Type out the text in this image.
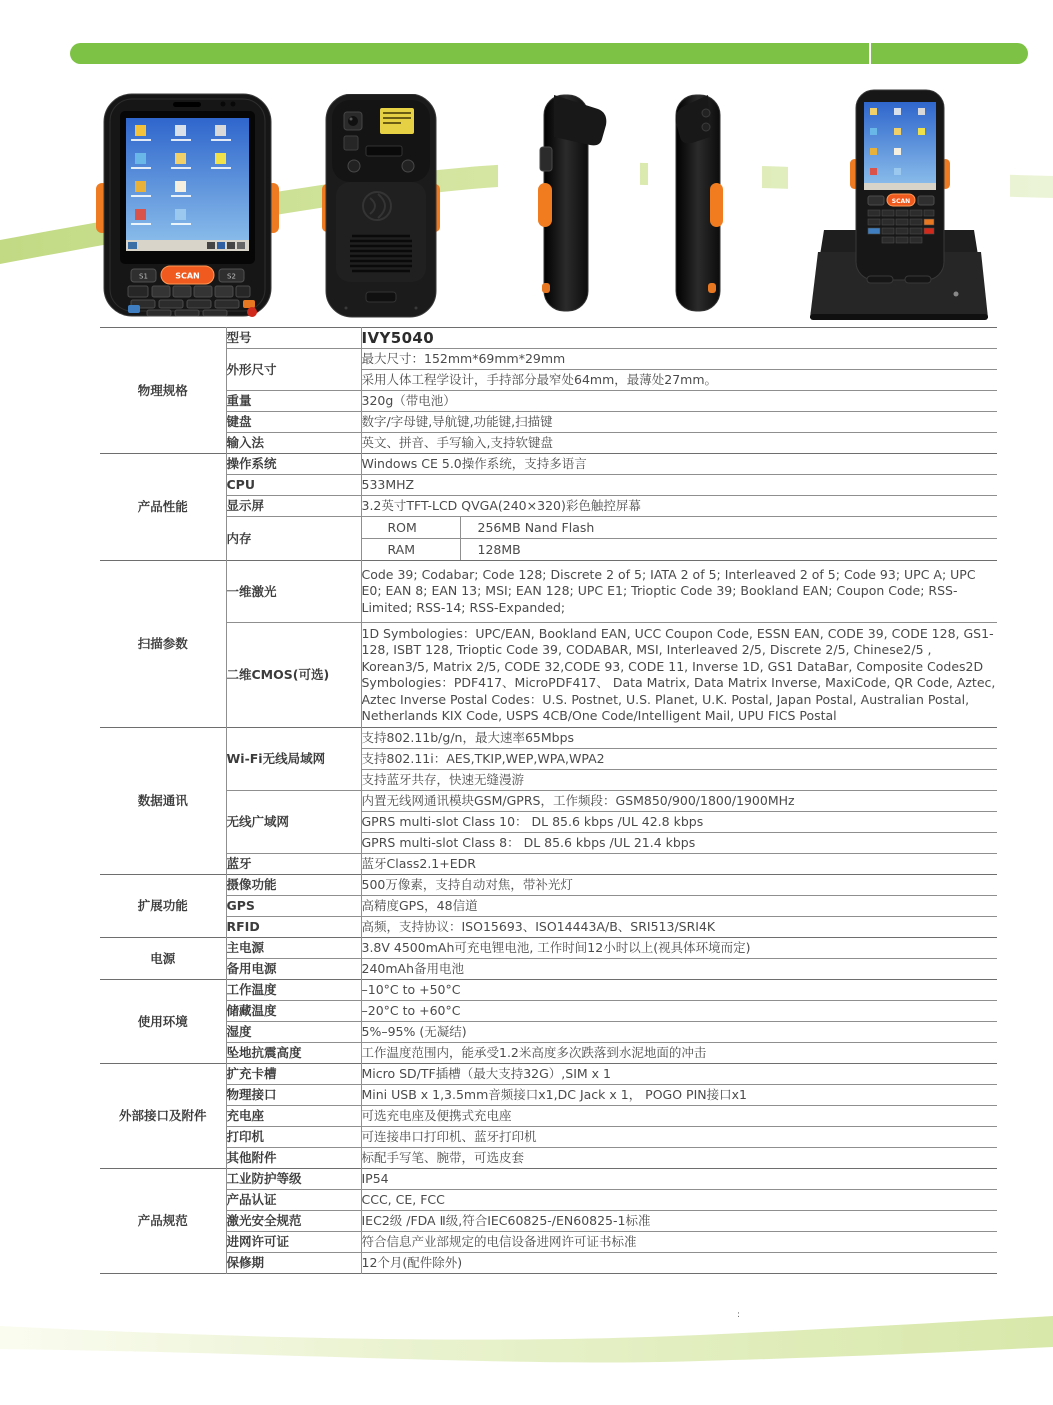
S1	SCAN	S2
SCAN
物理规格	型号	IVY5040
	外形尺寸	最大尺寸：152mm*69mm*29mm
		采用人体工程学设计，手持部分最窄处64mm，最薄处27mm。
	重量	320g（带电池）
	键盘	数字/字母键,导航键,功能键,扫描键
	输入法	英文、拼音、手写输入,支持软键盘
产品性能	操作系统	Windows CE 5.0操作系统，支持多语言
	CPU	533MHZ
	显示屏	3.2英寸TFT-LCD QVGA(240×320)彩色触控屏幕
	内存	ROM 256MB Nand Flash

RAM 128MB

扫描参数	一维激光	Code 39; Codabar; Code 128; Discrete 2 of 5; IATA 2 of 5; Interleaved 2 of 5; Code 93; UPC A; UPC E0; EAN 8; EAN 13; MSI; EAN 128; UPC E1; Trioptic Code 39; Bookland EAN; Coupon Code; RSS-Limited; RSS-14; RSS-Expanded;
	二维CMOS(可选)	1D Symbologies：UPC/EAN, Bookland EAN, UCC Coupon Code, ESSN EAN, CODE 39, CODE 128, GS1-128, ISBT 128, Trioptic Code 39, CODABAR, MSI, Interleaved 2/5, Discrete 2/5, Chinese2/5 , Korean3/5, Matrix 2/5, CODE 32,CODE 93, CODE 11, Inverse 1D, GS1 DataBar, Composite Codes2D Symbologies：PDF417、MicroPDF417、 Data Matrix, Data Matrix Inverse, MaxiCode, QR Code, Aztec, Aztec Inverse Postal Codes：U.S. Postnet, U.S. Planet, U.K. Postal, Japan Postal, Australian Postal, Netherlands KIX Code, USPS 4CB/One Code/Intelligent Mail, UPU FICS Postal
数据通讯	Wi-Fi无线局域网	支持802.11b/g/n，最大速率65Mbps
		支持802.11i：AES,TKIP,WEP,WPA,WPA2
		支持蓝牙共存，快速无缝漫游
	无线广域网	内置无线网通讯模块GSM/GPRS，工作频段：GSM850/900/1800/1900MHz
		GPRS multi-slot Class 10： DL 85.6 kbps /UL 42.8 kbps
		GPRS multi-slot Class 8： DL 85.6 kbps /UL 21.4 kbps
	蓝牙	蓝牙Class2.1+EDR
扩展功能	摄像功能	500万像素，支持自动对焦，带补光灯
	GPS	高精度GPS，48信道
	RFID	高频，支持协议：ISO15693、ISO14443A/B、SRI513/SRI4K
电源	主电源	3.8V 4500mAh可充电锂电池, 工作时间12小时以上(视具体环境而定)
	备用电源	240mAh备用电池
使用环境	工作温度	–10°C to +50°C
	储藏温度	–20°C to +60°C
	湿度	5%–95% (无凝结)
	坠地抗震高度	工作温度范围内，能承受1.2米高度多次跌落到水泥地面的冲击
外部接口及附件	扩充卡槽	Micro SD/TF插槽（最大支持32G）,SIM x 1
	物理接口	Mini USB x 1,3.5mm音频接口x1,DC Jack x 1， POGO PIN接口x1
	充电座	可选充电座及便携式充电座
	打印机	可连接串口打印机、蓝牙打印机
	其他附件	标配手写笔、腕带，可选皮套
产品规范	工业防护等级	IP54
	产品认证	CCC, CE, FCC
	激光安全规范	IEC2级 /FDA Ⅱ级,符合IEC60825-/EN60825-1标准
	进网许可证	符合信息产业部规定的电信设备进网许可证书标准
	保修期	12个月(配件除外)
:
